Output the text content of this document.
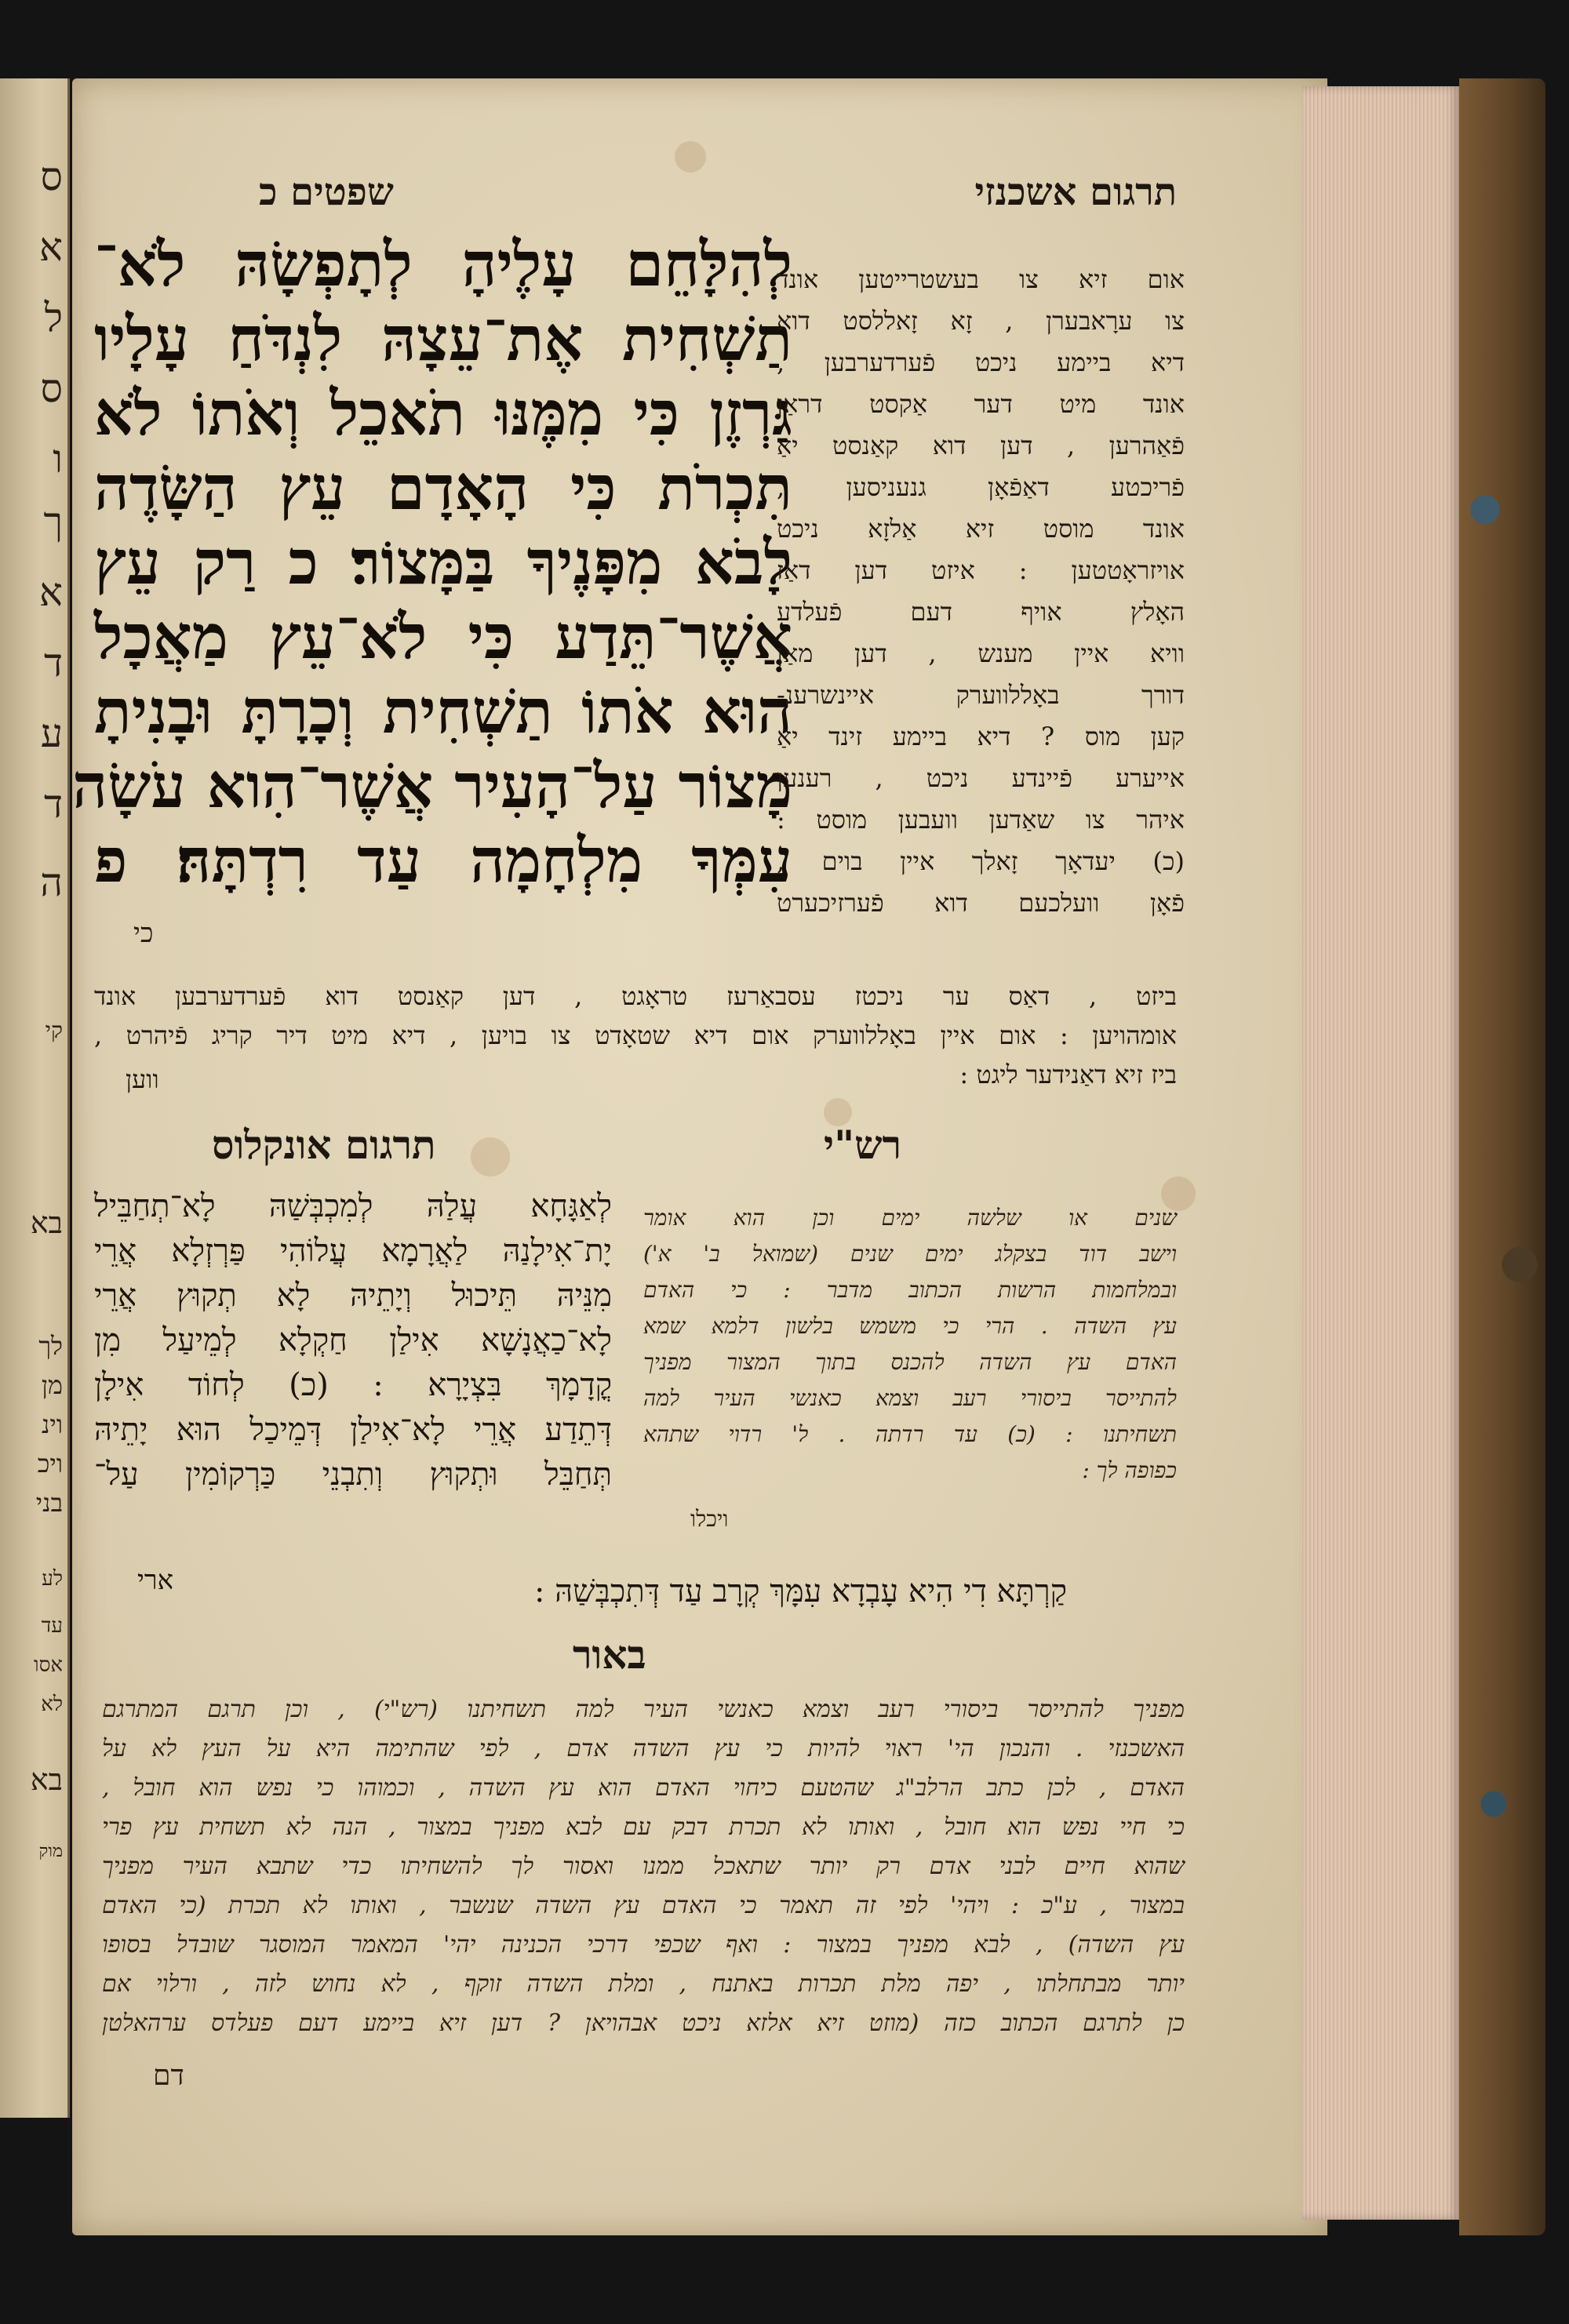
ס
א
ל
ס
ו
ך
א
ד
ע
ד
ה
קי
בא
לך
מן
וינ
ויכ
בני
לע
עד
אסו
לא
בא
מוק
תרגום אשכנזי
שפטים כ

לְהִלָּחֵם עָלֶיהָ לְתָפְשָׂהּ לֹא־

תַשְׁחִית אֶת־עֵצָהּ לִנְדֹּחַ עָלָיו

גַּרְזֶן כִּי מִמֶּנּוּ תֹאכֵל וְאֹתוֹ לֹא

תִכְרֹת כִּי הָאָדָם עֵץ הַשָּׂדֶה

לָבֹא מִפָּנֶיךָ בַּמָּצוֹר׃ כ רַק עֵץ

אֲשֶׁר־תֵּדַע כִּי לֹא־עֵץ מַאֲכָל

הוּא אֹתוֹ תַשְׁחִית וְכָרָתָּ וּבָנִיתָ

מָצוֹר עַל־הָעִיר אֲשֶׁר־הִוא עֹשָׂה

עִמְּךָ מִלְחָמָה עַד רִדְתָּהּ׃ פ

כי

אום זיא צו בעשטרייטען אונד

צו ערָאבערן , זָא זָאללסט דוא

דיא ביימע ניכט פֿערדערבען ,

אונד מיט דער אַקסט דראַן

פֿאַהרען , דען דוא קאַנסט יאַ

פֿריכטע דאַפֿאָן גנעניסען ,

אונד מוסט זיא אַלזָא ניכט

אויזראָטטען : איזט דען דאַז

האָלץ אויף דעם פֿעלדע

וויא איין מענש , דען מאַן

דורך באָללווערק איינשרענ-

קען מוס ? דיא ביימע זינד יאַ

אייערע פֿיינדע ניכט , רענען

איהר צו שאַדען וועבען מוסט :

(כ) יעדאָך זָאלך איין בוים ,

פֿאָן וועלכעם דוא פֿערזיכערט

ביזט , דאַס ער ניכטז עסבאַרעז טראָגט , דען קאַנסט דוא פֿערדערבען אונד

אומהויען : אום איין באָללווערק אום דיא שטאָדט צו בויען , דיא מיט דיר קריג פֿיהרט ,

ביז זיא דאַנידער ליגט :

ווען
רש"י

שנים או שלשה ימים וכן הוא אומר

וישב דוד בצקלג ימים שנים (שמואל ב' א')

ובמלחמות הרשות הכתוב מדבר : כי האדם

עץ השדה . הרי כי משמש בלשון דלמא שמא

האדם עץ השדה להכנס בתוך המצור מפניך

להתייסר ביסורי רעב וצמא כאנשי העיר למה

תשחיתנו : (כ) עד רדתה . ל' רדוי שתהא

כפופה לך :

ויכלו
תרגום אונקלוס

לְאַגָּחָא עֲלַהּ לְמִכְבְּשַׁהּ לָא־תְחַבֵּיל

יָת־אִילָנַהּ לַאֲרָמָא עֲלוֹהִי פַּרְזְלָא אֲרֵי

מִנֵּיהּ תֵּיכוּל וְיָתֵיהּ לָא תְקוּץ אֲרֵי

לָא־כַאֲנָשָׁא אִילַן חַקְלָא לְמֵיעַל מִן

קֳדָמָךְ בִּצְיָרָא : (כ) לְחוֹד אִילָן

דְּתֵדַע אֲרֵי לָא־אִילַן דְּמֵיכַל הוּא יָתֵיהּ

תְּחַבֵּל וּתְקוּץ וְתִבְנֵי כַּרְקוֹמִין עַל־

ארי	קַרְתָּא דִי הִיא עָבְדָא עִמָּךְ קְרָב עַד דְּתִכְבְּשַׁהּ :
באור

מפניך להתייסר ביסורי רעב וצמא כאנשי העיר למה תשחיתנו (רש"י) , וכן תרגם המתרגם

האשכנזי . והנכון הי' ראוי להיות כי עץ השדה אדם , לפי שהתימה היא על העץ לא על

האדם , לכן כתב הרלב"ג שהטעם כיחוי האדם הוא עץ השדה , וכמוהו כי נפש הוא חובל ,

כי חיי נפש הוא חובל , ואותו לא תכרת דבק עם לבא מפניך במצור , הנה לא תשחית עץ פרי

שהוא חיים לבני אדם רק יותר שתאכל ממנו ואסור לך להשחיתו כדי שתבא העיר מפניך

במצור , ע"כ : ויהי' לפי זה תאמר כי האדם עץ השדה שנשבר , ואותו לא תכרת (כי האדם

עץ השדה) , לבא מפניך במצור : ואף שכפי דרכי הכנינה יהי' המאמר המוסגר שובדל בסופו

יותר מבתחלתו , יפה מלת תכרות באתנח , ומלת השדה זוקף , לא נחוש לזה , ורלוי אם

כן לתרגם הכתוב כזה (מוזט זיא אלזא ניכט אבהויאן ? דען זיא ביימע דעם פעלדס ערהאלטן

דם
